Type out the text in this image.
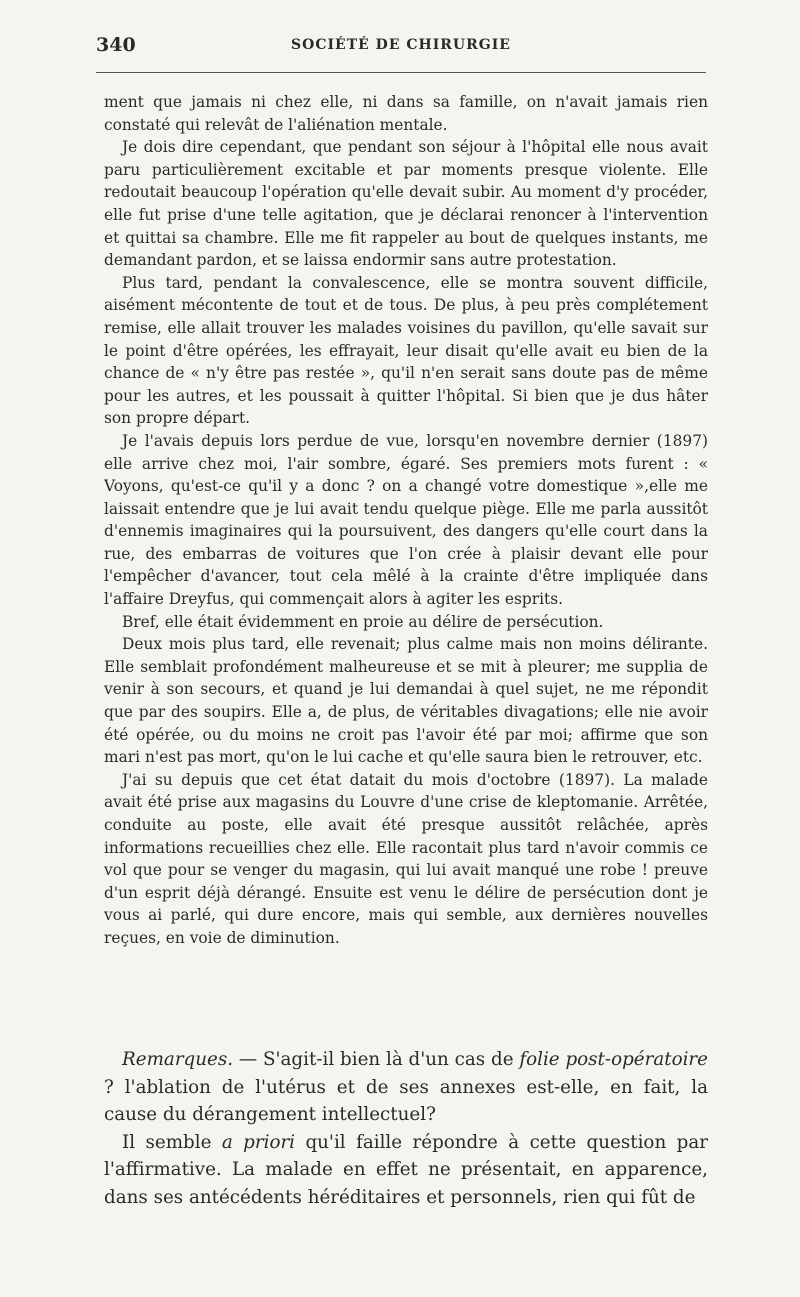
340	SOCIÉTÉ DE CHIRURGIE

ment que jamais ni chez elle, ni dans sa famille, on n'avait jamais rien constaté qui relevât de l'aliénation mentale.

Je dois dire cependant, que pendant son séjour à l'hôpital elle nous avait paru particulièrement excitable et par moments presque violente. Elle redoutait beaucoup l'opération qu'elle devait subir. Au moment d'y procéder, elle fut prise d'une telle agitation, que je déclarai renoncer à l'intervention et quittai sa chambre. Elle me fit rappeler au bout de quelques instants, me demandant pardon, et se laissa endormir sans autre protestation.

Plus tard, pendant la convalescence, elle se montra souvent difficile, aisément mécontente de tout et de tous. De plus, à peu près complétement remise, elle allait trouver les malades voisines du pavillon, qu'elle savait sur le point d'être opérées, les effrayait, leur disait qu'elle avait eu bien de la chance de « n'y être pas restée », qu'il n'en serait sans doute pas de même pour les autres, et les poussait à quitter l'hôpital. Si bien que je dus hâter son propre départ.

Je l'avais depuis lors perdue de vue, lorsqu'en novembre dernier (1897) elle arrive chez moi, l'air sombre, égaré. Ses premiers mots furent : « Voyons, qu'est-ce qu'il y a donc ? on a changé votre domestique »,elle me laissait entendre que je lui avait tendu quelque piège. Elle me parla aussitôt d'ennemis imaginaires qui la poursuivent, des dangers qu'elle court dans la rue, des embarras de voitures que l'on crée à plaisir devant elle pour l'empêcher d'avancer, tout cela mêlé à la crainte d'être impliquée dans l'affaire Dreyfus, qui commençait alors à agiter les esprits.

Bref, elle était évidemment en proie au délire de persécution.

Deux mois plus tard, elle revenait; plus calme mais non moins délirante. Elle semblait profondément malheureuse et se mit à pleurer; me supplia de venir à son secours, et quand je lui demandai à quel sujet, ne me répondit que par des soupirs. Elle a, de plus, de véritables divagations; elle nie avoir été opérée, ou du moins ne croit pas l'avoir été par moi; affirme que son mari n'est pas mort, qu'on le lui cache et qu'elle saura bien le retrouver, etc.

J'ai su depuis que cet état datait du mois d'octobre (1897). La malade avait été prise aux magasins du Louvre d'une crise de kleptomanie. Arrêtée, conduite au poste, elle avait été presque aussitôt relâchée, après informations recueillies chez elle. Elle racontait plus tard n'avoir commis ce vol que pour se venger du magasin, qui lui avait manqué une robe ! preuve d'un esprit déjà dérangé. Ensuite est venu le délire de persécution dont je vous ai parlé, qui dure encore, mais qui semble, aux dernières nouvelles reçues, en voie de diminution.

Remarques. — S'agit-il bien là d'un cas de folie post-opératoire ? l'ablation de l'utérus et de ses annexes est-elle, en fait, la cause du dérangement intellectuel?

Il semble a priori qu'il faille répondre à cette question par l'affirmative. La malade en effet ne présentait, en apparence, dans ses antécédents héréditaires et personnels, rien qui fût de
